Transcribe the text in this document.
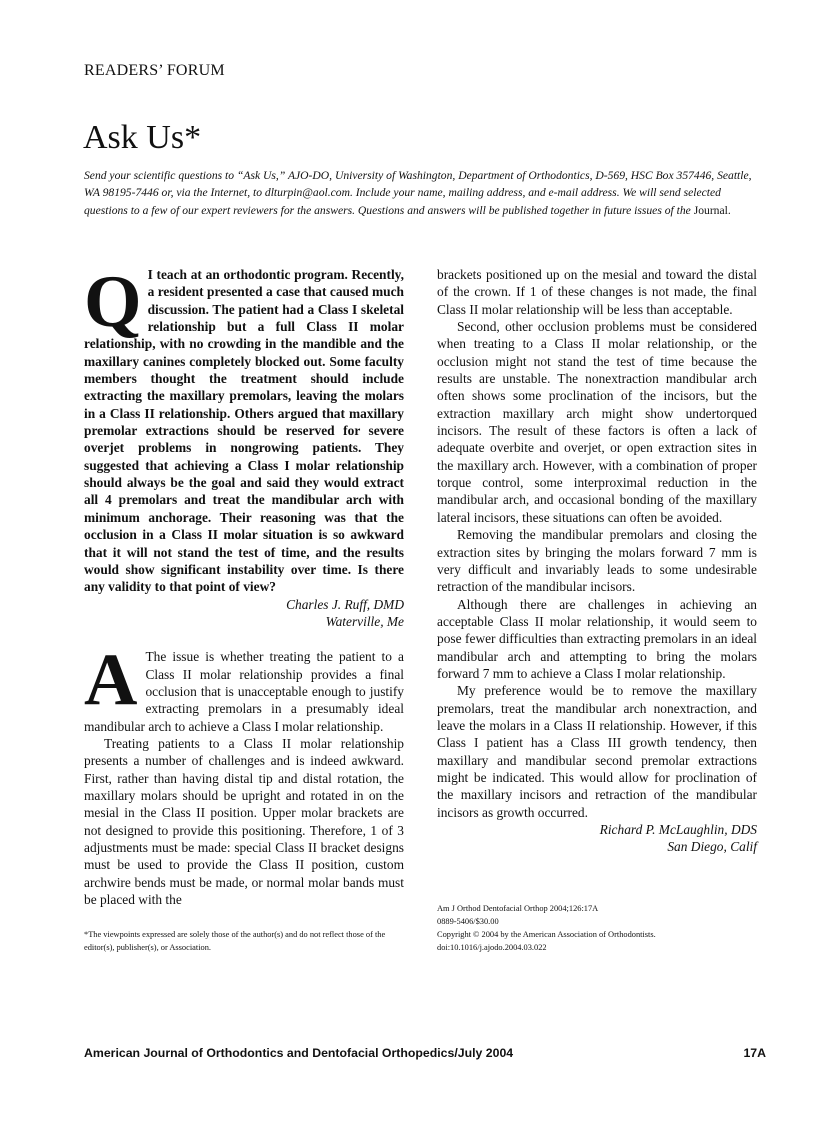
READERS’ FORUM
Ask Us*
Send your scientific questions to “Ask Us,” AJO-DO, University of Washington, Department of Orthodontics, D-569, HSC Box 357446, Seattle, WA 98195-7446 or, via the Internet, to dlturpin@aol.com. Include your name, mailing address, and e-mail address. We will send selected questions to a few of our expert reviewers for the answers. Questions and answers will be published together in future issues of the Journal.
Q I teach at an orthodontic program. Recently, a resident presented a case that caused much discussion. The patient had a Class I skeletal relationship but a full Class II molar relationship, with no crowding in the mandible and the maxillary canines completely blocked out. Some faculty members thought the treatment should include extracting the maxillary premolars, leaving the molars in a Class II relationship. Others argued that maxillary premolar extractions should be reserved for severe overjet problems in nongrowing patients. They suggested that achieving a Class I molar relationship should always be the goal and said they would extract all 4 premolars and treat the mandibular arch with minimum anchorage. Their reasoning was that the occlusion in a Class II molar situation is so awkward that it will not stand the test of time, and the results would show significant instability over time. Is there any validity to that point of view?

Charles J. Ruff, DMD

Waterville, Me

A The issue is whether treating the patient to a Class II molar relationship provides a final occlusion that is unacceptable enough to justify extracting premolars in a presumably ideal mandibular arch to achieve a Class I molar relationship.

Treating patients to a Class II molar relationship presents a number of challenges and is indeed awkward. First, rather than having distal tip and distal rotation, the maxillary molars should be upright and rotated in on the mesial in the Class II position. Upper molar brackets are not designed to provide this positioning. Therefore, 1 of 3 adjustments must be made: special Class II bracket designs must be used to provide the Class II position, custom archwire bends must be made, or normal molar bands must be placed with the

*The viewpoints expressed are solely those of the author(s) and do not reflect those of the editor(s), publisher(s), or Association.

brackets positioned up on the mesial and toward the distal of the crown. If 1 of these changes is not made, the final Class II molar relationship will be less than acceptable.

Second, other occlusion problems must be considered when treating to a Class II molar relationship, or the occlusion might not stand the test of time because the results are unstable. The nonextraction mandibular arch often shows some proclination of the incisors, but the extraction maxillary arch might show undertorqued incisors. The result of these factors is often a lack of adequate overbite and overjet, or open extraction sites in the maxillary arch. However, with a combination of proper torque control, some interproximal reduction in the mandibular arch, and occasional bonding of the maxillary lateral incisors, these situations can often be avoided.

Removing the mandibular premolars and closing the extraction sites by bringing the molars forward 7 mm is very difficult and invariably leads to some undesirable retraction of the mandibular incisors.

Although there are challenges in achieving an acceptable Class II molar relationship, it would seem to pose fewer difficulties than extracting premolars in an ideal mandibular arch and attempting to bring the molars forward 7 mm to achieve a Class I molar relationship.

My preference would be to remove the maxillary premolars, treat the mandibular arch nonextraction, and leave the molars in a Class II relationship. However, if this Class I patient has a Class III growth tendency, then maxillary and mandibular second premolar extractions might be indicated. This would allow for proclination of the maxillary incisors and retraction of the mandibular incisors as growth occurred.

Richard P. McLaughlin, DDS

San Diego, Calif

Am J Orthod Dentofacial Orthop 2004;126:17A
0889-5406/$30.00
Copyright © 2004 by the American Association of Orthodontists.
doi:10.1016/j.ajodo.2004.03.022
American Journal of Orthodontics and Dentofacial Orthopedics/July 2004	17A
